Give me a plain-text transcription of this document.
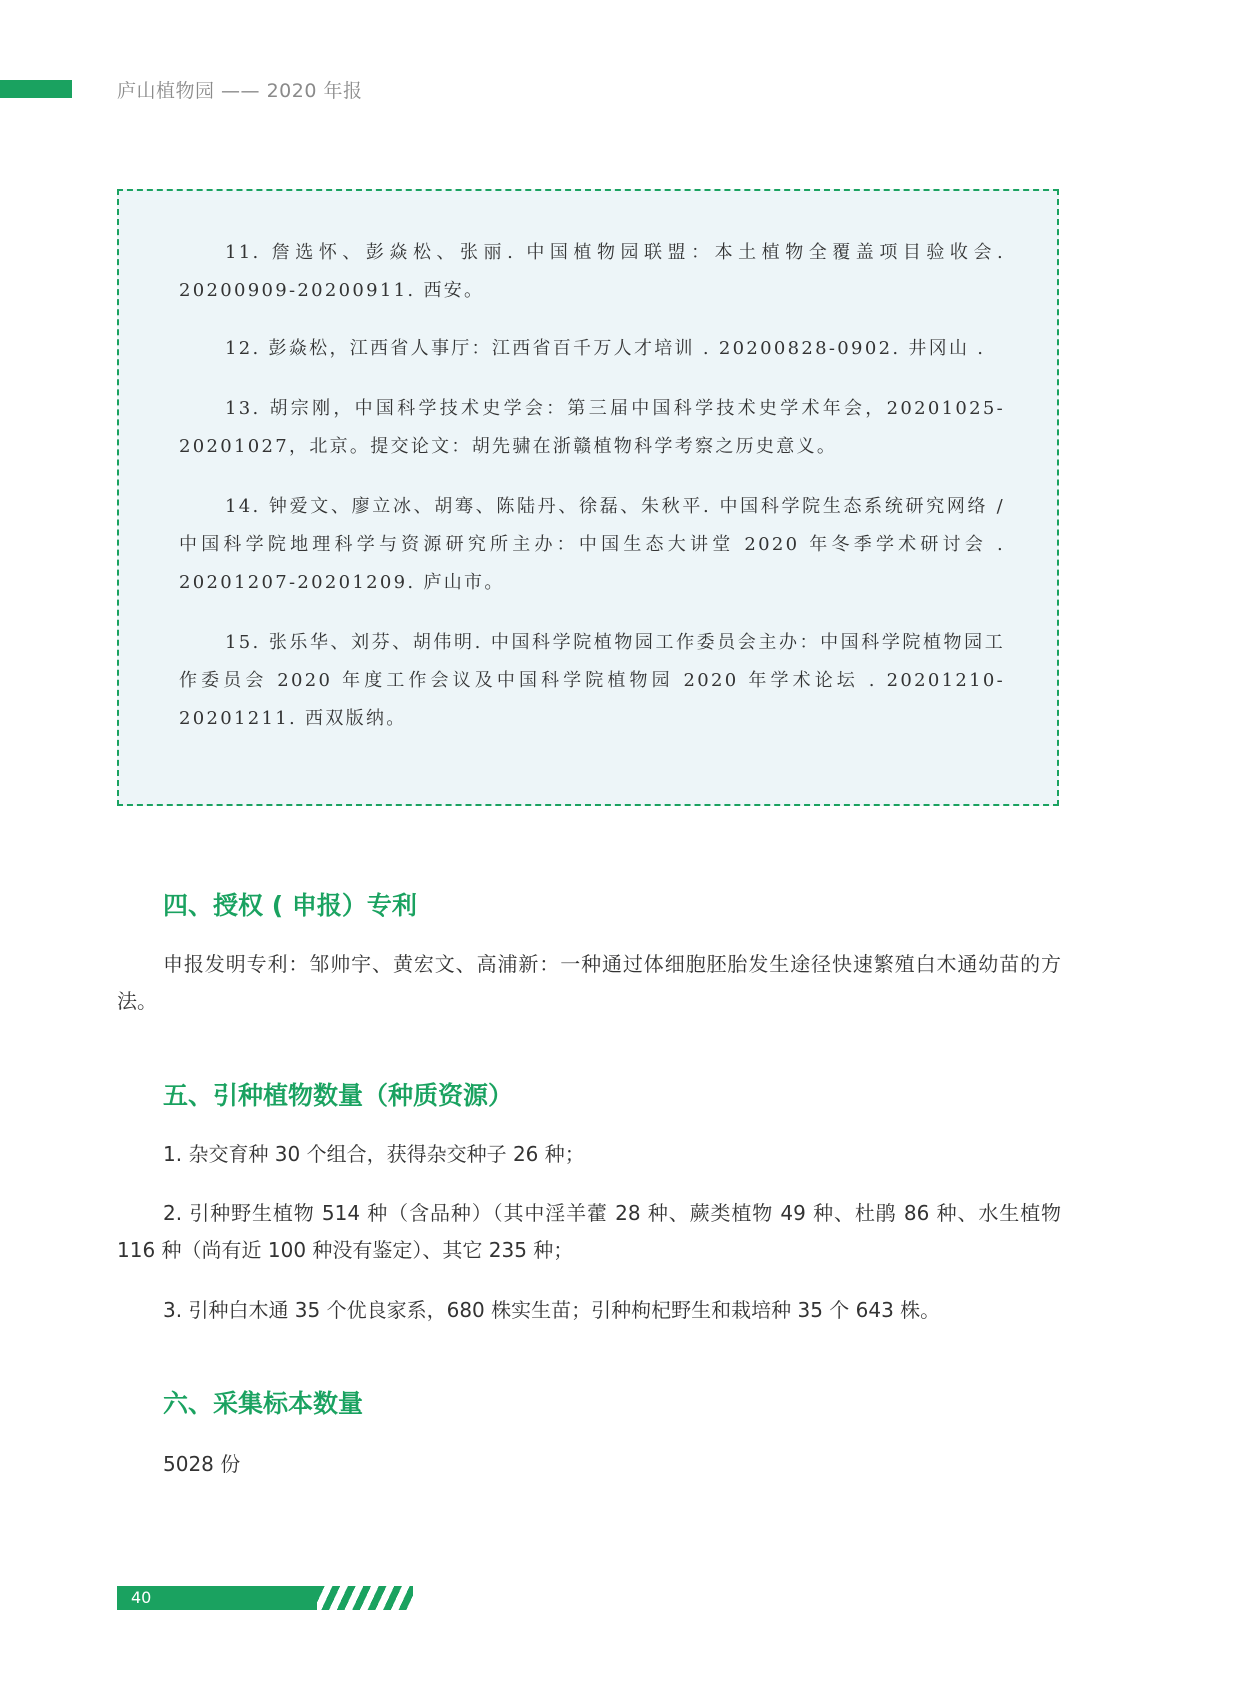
庐山植物园 —— 2020 年报
11. 詹选怀、彭焱松、张丽. 中国植物园联盟：本土植物全覆盖项目验收会. 20200909-20200911. 西安。
12. 彭焱松，江西省人事厅：江西省百千万人才培训 . 20200828-0902. 井冈山 .
13. 胡宗刚，中国科学技术史学会：第三届中国科学技术史学术年会，20201025-20201027，北京。提交论文：胡先骕在浙赣植物科学考察之历史意义。
14. 钟爱文、廖立冰、胡骞、陈陆丹、徐磊、朱秋平. 中国科学院生态系统研究网络 / 中国科学院地理科学与资源研究所主办：中国生态大讲堂 2020 年冬季学术研讨会 . 20201207-20201209. 庐山市。
15. 张乐华、刘芬、胡伟明. 中国科学院植物园工作委员会主办：中国科学院植物园工作委员会 2020 年度工作会议及中国科学院植物园 2020 年学术论坛 . 20201210-20201211. 西双版纳。
四、授权 ( 申报）专利

申报发明专利：邹帅宇、黄宏文、高浦新：一种通过体细胞胚胎发生途径快速繁殖白木通幼苗的方法。

五、引种植物数量（种质资源）

1. 杂交育种 30 个组合，获得杂交种子 26 种；

2. 引种野生植物 514 种（含品种）（其中淫羊藿 28 种、蕨类植物 49 种、杜鹃 86 种、水生植物 116 种（尚有近 100 种没有鉴定）、其它 235 种；

3. 引种白木通 35 个优良家系，680 株实生苗；引种枸杞野生和栽培种 35 个 643 株。

六、采集标本数量

5028 份

40
